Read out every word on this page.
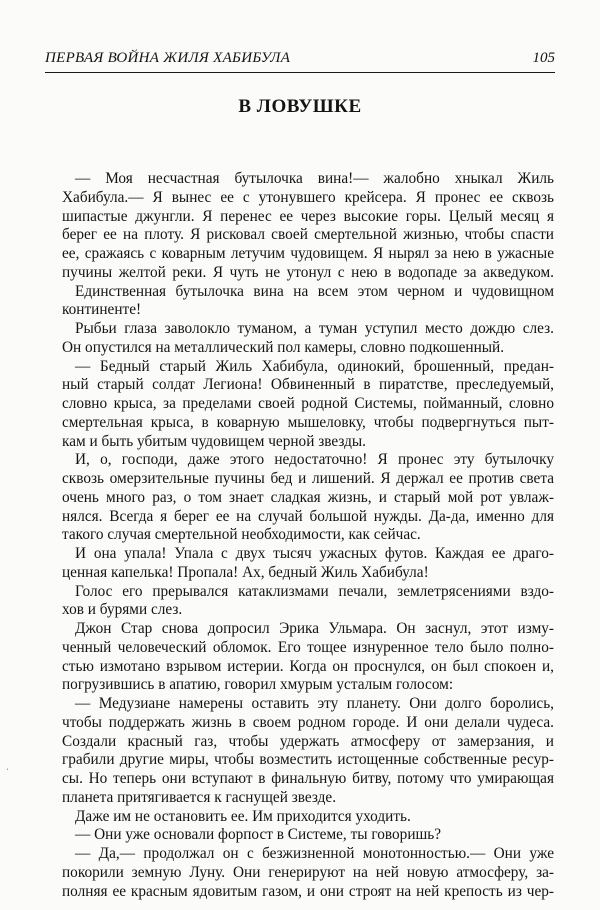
ПЕРВАЯ ВОЙНА ЖИЛЯ ХАБИБУЛА	105
В ЛОВУШКЕ
— Моя несчастная бутылочка вина!— жалобно хныкал Жиль
Хабибула.— Я вынес ее с утонувшего крейсера. Я пронес ее сквозь
шипастые джунгли. Я перенес ее через высокие горы. Целый месяц я
берег ее на плоту. Я рисковал своей смертельной жизнью, чтобы спасти
ее, сражаясь с коварным летучим чудовищем. Я нырял за нею в ужасные
пучины желтой реки. Я чуть не утонул с нею в водопаде за акведуком.
Единственная бутылочка вина на всем этом черном и чудовищном
континенте!
Рыбьи глаза заволокло туманом, а туман уступил место дождю слез.
Он опустился на металлический пол камеры, словно подкошенный.
— Бедный старый Жиль Хабибула, одинокий, брошенный, предан-
ный старый солдат Легиона! Обвиненный в пиратстве, преследуемый,
словно крыса, за пределами своей родной Системы, пойманный, словно
смертельная крыса, в коварную мышеловку, чтобы подвергнуться пыт-
кам и быть убитым чудовищем черной звезды.
И, о, господи, даже этого недостаточно! Я пронес эту бутылочку
сквозь омерзительные пучины бед и лишений. Я держал ее против света
очень много раз, о том знает сладкая жизнь, и старый мой рот увлаж-
нялся. Всегда я берег ее на случай большой нужды. Да-да, именно для
такого случая смертельной необходимости, как сейчас.
И она упала! Упала с двух тысяч ужасных футов. Каждая ее драго-
ценная капелька! Пропала! Ах, бедный Жиль Хабибула!
Голос его прерывался катаклизмами печали, землетрясениями вздо-
хов и бурями слез.
Джон Стар снова допросил Эрика Ульмара. Он заснул, этот изму-
ченный человеческий обломок. Его тощее изнуренное тело было полно-
стью измотано взрывом истерии. Когда он проснулся, он был спокоен и,
погрузившись в апатию, говорил хмурым усталым голосом:
— Медузиане намерены оставить эту планету. Они долго боролись,
чтобы поддержать жизнь в своем родном городе. И они делали чудеса.
Создали красный газ, чтобы удержать атмосферу от замерзания, и
грабили другие миры, чтобы возместить истощенные собственные ресур-
сы. Но теперь они вступают в финальную битву, потому что умирающая
планета притягивается к гаснущей звезде.
Даже им не остановить ее. Им приходится уходить.
— Они уже основали форпост в Системе, ты говоришь?
— Да,— продолжал он с безжизненной монотонностью.— Они уже
покорили земную Луну. Они генерируют на ней новую атмосферу, за-
полняя ее красным ядовитым газом, и они строят на ней крепость из чер-
ˌ
